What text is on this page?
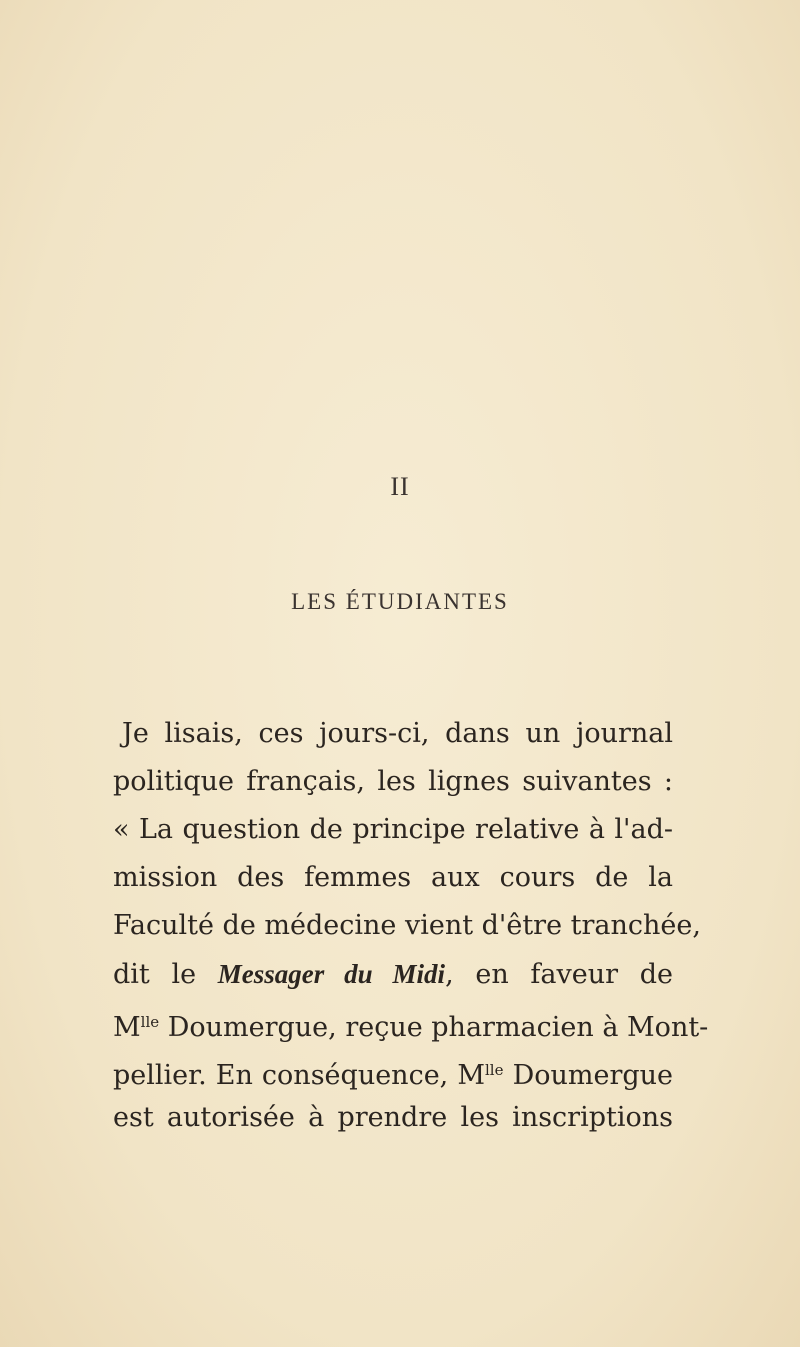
II
LES ÉTUDIANTES
Je lisais, ces jours-ci, dans un journal
politique français, les lignes suivantes :
« La question de principe relative à l'ad-
mission des femmes aux cours de la
Faculté de médecine vient d'être tranchée,
dit le Messager du Midi, en faveur de
$M^{lle}$ Doumergue, reçue pharmacien à Mont-
pellier. En conséquence, $M^{lle}$ Doumergue
est autorisée à prendre les inscriptions
